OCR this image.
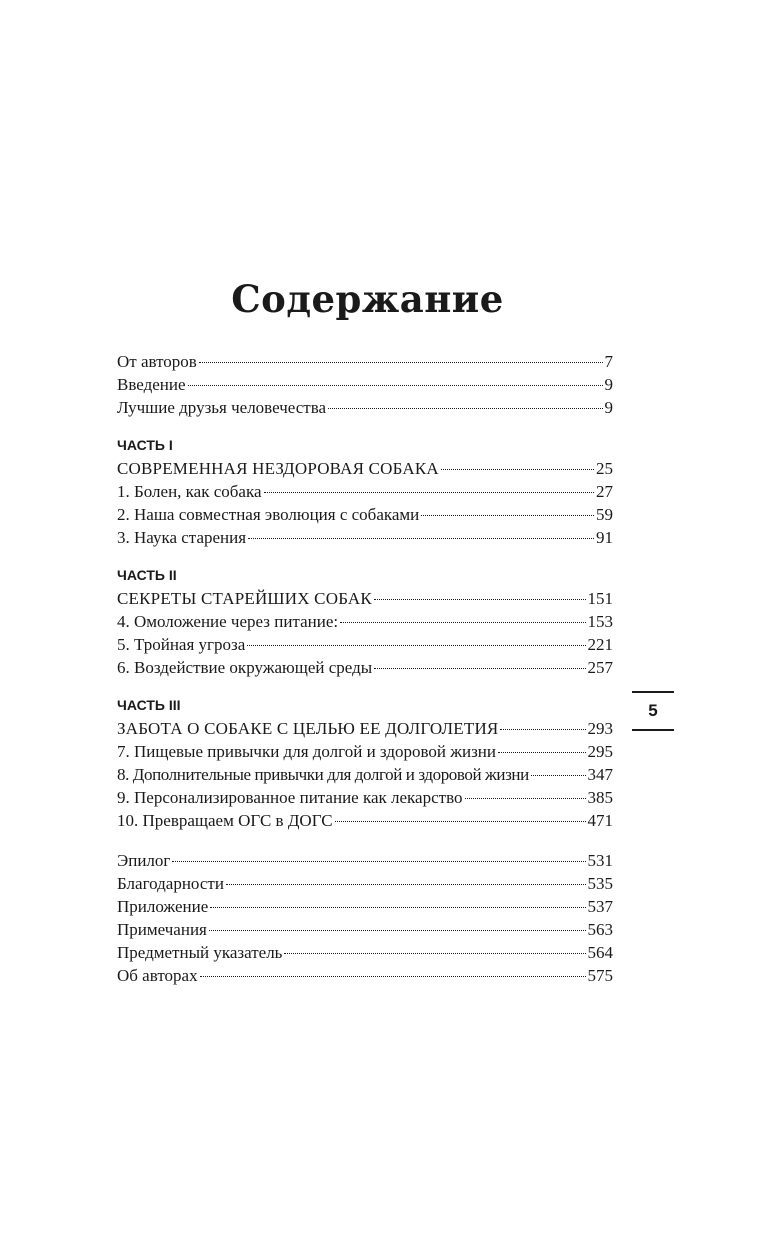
Содержание
От авторов	7
Введение	9
Лучшие друзья человечества	9
ЧАСТЬ I
СОВРЕМЕННАЯ НЕЗДОРОВАЯ СОБАКА	25
1. Болен, как собака	27
2. Наша совместная эволюция с собаками	59
3. Наука старения	91
ЧАСТЬ II
СЕКРЕТЫ СТАРЕЙШИХ СОБАК	151
4. Омоложение через питание:	153
5. Тройная угроза	221
6. Воздействие окружающей среды	257
ЧАСТЬ III
ЗАБОТА О СОБАКЕ С ЦЕЛЬЮ ЕЕ ДОЛГОЛЕТИЯ	293
7. Пищевые привычки для долгой и здоровой жизни	295
8. Дополнительные привычки для долгой и здоровой жизни	347
9. Персонализированное питание как лекарство	385
10. Превращаем ОГС в ДОГС	471
Эпилог	531
Благодарности	535
Приложение	537
Примечания	563
Предметный указатель	564
Об авторах	575
5
